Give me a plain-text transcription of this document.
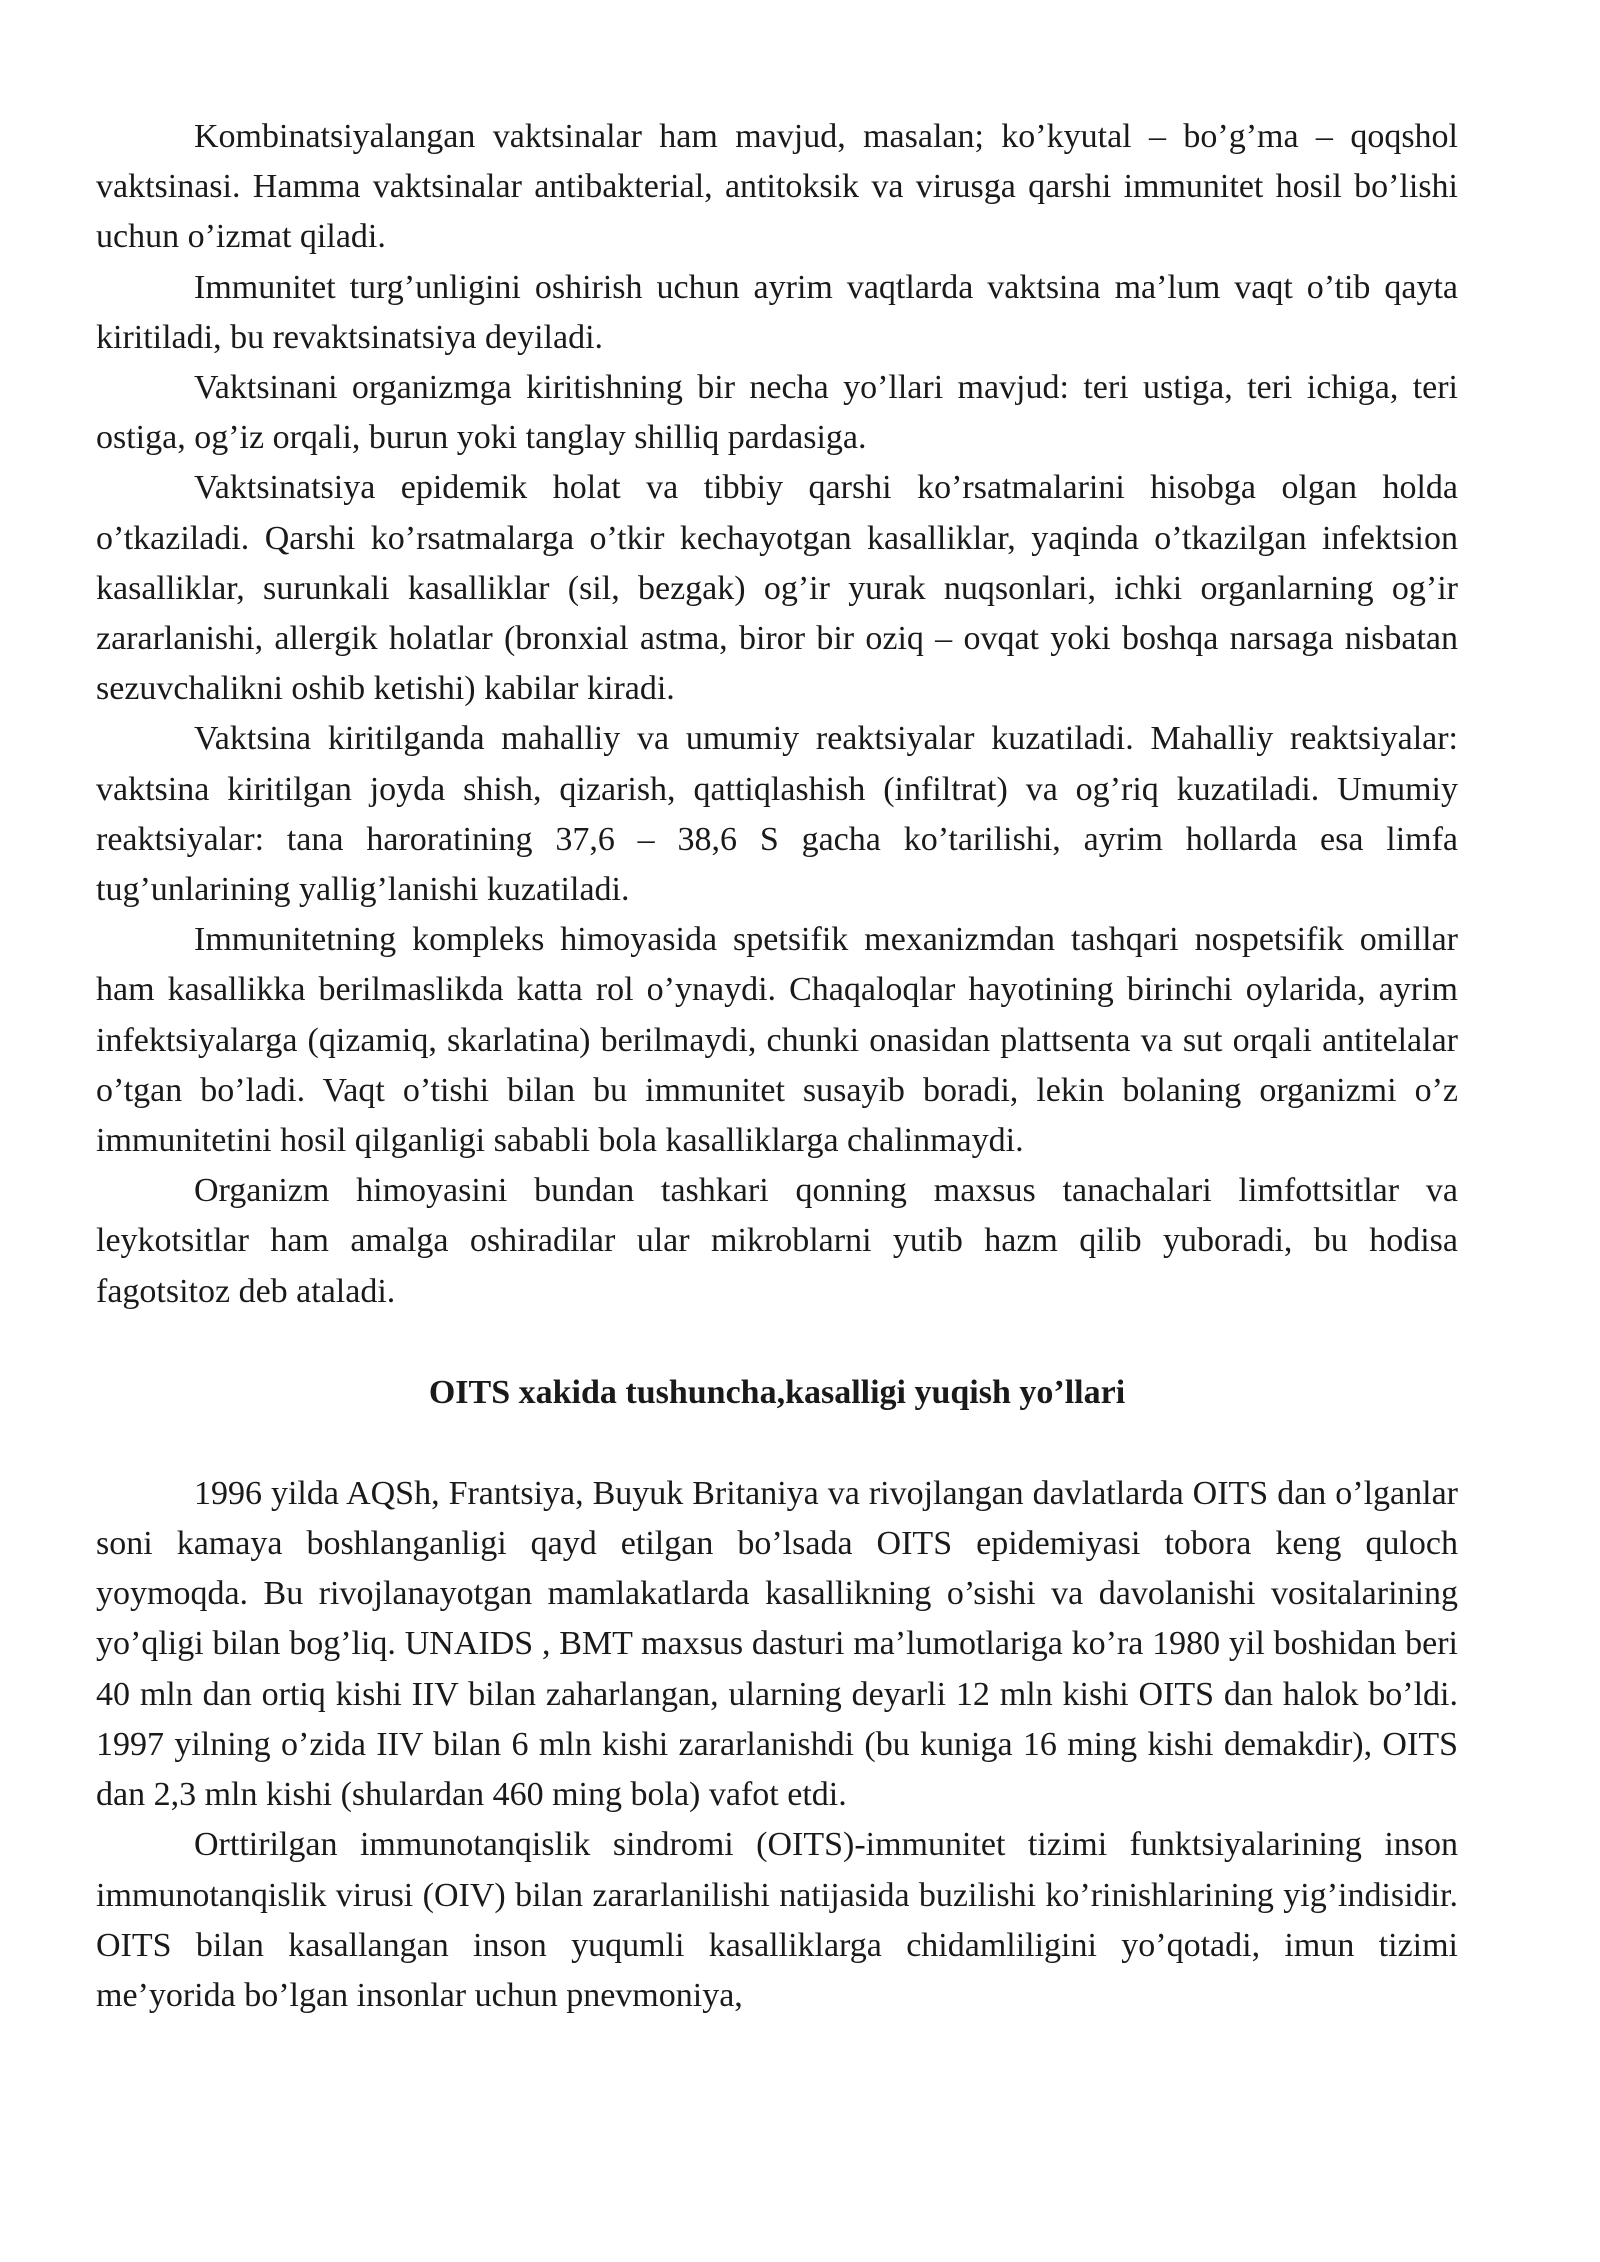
Kombinatsiyalangan vaktsinalar ham mavjud, masalan; ko’kyutal – bo’g’ma – qoqshol vaktsinasi. Hamma vaktsinalar antibakterial, antitoksik va virusga qarshi immunitet hosil bo’lishi uchun o’izmat qiladi.

Immunitet turg’unligini oshirish uchun ayrim vaqtlarda vaktsina ma’lum vaqt o’tib qayta kiritiladi, bu revaktsinatsiya deyiladi.

Vaktsinani organizmga kiritishning bir necha yo’llari mavjud: teri ustiga, teri ichiga, teri ostiga, og’iz orqali, burun yoki tanglay shilliq pardasiga.

Vaktsinatsiya epidemik holat va tibbiy qarshi ko’rsatmalarini hisobga olgan holda o’tkaziladi. Qarshi ko’rsatmalarga o’tkir kechayotgan kasalliklar, yaqinda o’tkazilgan infektsion kasalliklar, surunkali kasalliklar (sil, bezgak) og’ir yurak nuqsonlari, ichki organlarning og’ir zararlanishi, allergik holatlar (bronxial astma, biror bir oziq – ovqat yoki boshqa narsaga nisbatan sezuvchalikni oshib ketishi) kabilar kiradi.

Vaktsina kiritilganda mahalliy va umumiy reaktsiyalar kuzatiladi. Mahalliy reaktsiyalar: vaktsina kiritilgan joyda shish, qizarish, qattiqlashish (infiltrat) va og’riq kuzatiladi. Umumiy reaktsiyalar: tana haroratining 37,6 – 38,6 S gacha ko’tarilishi, ayrim hollarda esa limfa tug’unlarining yallig’lanishi kuzatiladi.

Immunitetning kompleks himoyasida spetsifik mexanizmdan tashqari nospetsifik omillar ham kasallikka berilmaslikda katta rol o’ynaydi. Chaqaloqlar hayotining birinchi oylarida, ayrim infektsiyalarga (qizamiq, skarlatina) berilmaydi, chunki onasidan plattsenta va sut orqali antitelalar o’tgan bo’ladi. Vaqt o’tishi bilan bu immunitet susayib boradi, lekin bolaning organizmi o’z immunitetini hosil qilganligi sababli bola kasalliklarga chalinmaydi.

Organizm himoyasini bundan tashkari qonning maxsus tanachalari limfottsitlar va leykotsitlar ham amalga oshiradilar ular mikroblarni yutib hazm qilib yuboradi, bu hodisa fagotsitoz deb ataladi.

OITS xakida tushuncha,kasalligi yuqish yo’llari

1996 yilda AQSh, Frantsiya, Buyuk Britaniya va rivojlangan davlatlarda OITS dan o’lganlar soni kamaya boshlanganligi qayd etilgan bo’lsada OITS epidemiyasi tobora keng quloch yoymoqda. Bu rivojlanayotgan mamlakatlarda kasallikning o’sishi va davolanishi vositalarining yo’qligi bilan bog’liq. UNAIDS , BMT maxsus dasturi ma’lumotlariga ko’ra 1980 yil boshidan beri 40 mln dan ortiq kishi IIV bilan zaharlangan, ularning deyarli 12 mln kishi OITS dan halok bo’ldi. 1997 yilning o’zida IIV bilan 6 mln kishi zararlanishdi (bu kuniga 16 ming kishi demakdir), OITS dan 2,3 mln kishi (shulardan 460 ming bola) vafot etdi.

Orttirilgan immunotanqislik sindromi (OITS)-immunitet tizimi funktsiyalarining inson immunotanqislik virusi (OIV) bilan zararlanilishi natijasida buzilishi ko’rinishlarining yig’indisidir. OITS bilan kasallangan inson yuqumli kasalliklarga chidamliligini yo’qotadi, imun tizimi me’yorida bo’lgan insonlar uchun pnevmoniya,
